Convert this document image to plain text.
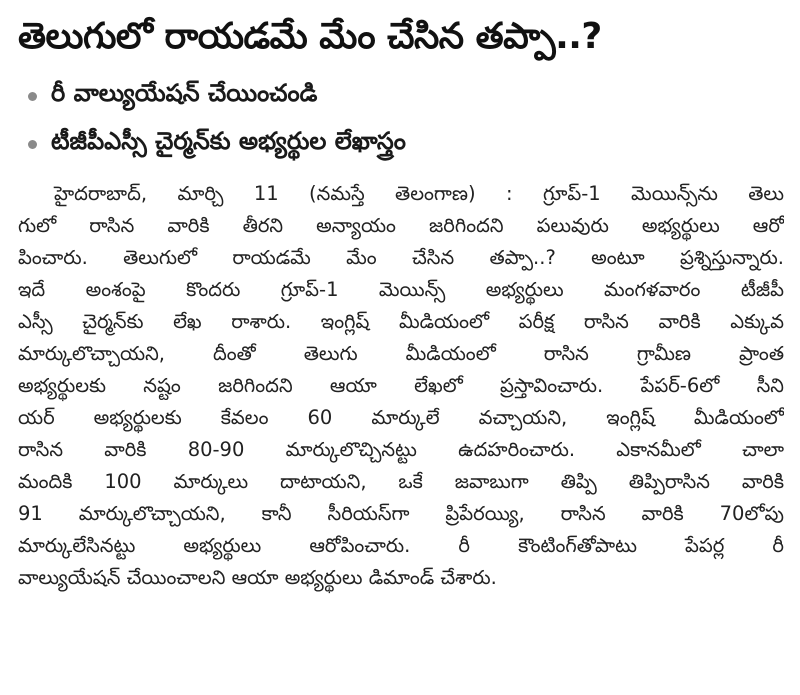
తెలుగులో రాయడమే మేం చేసిన తప్పా..?
రీ వాల్యుయేషన్ చేయించండి
టీజీపీఎస్సీ చైర్మన్‌కు అభ్యర్థుల లేఖాస్త్రం
హైదరాబాద్, మార్చి 11 (నమస్తే తెలంగాణ) : గ్రూప్-1 మెయిన్స్‌ను తెలు
గులో రాసిన వారికి తీరని అన్యాయం జరిగిందని పలువురు అభ్యర్థులు ఆరో
పించారు. తెలుగులో రాయడమే మేం చేసిన తప్పా..? అంటూ ప్రశ్నిస్తున్నారు.
ఇదే అంశంపై కొందరు గ్రూప్-1 మెయిన్స్ అభ్యర్థులు మంగళవారం టీజీపీ
ఎస్సీ చైర్మన్‌కు లేఖ రాశారు. ఇంగ్లిష్ మీడియంలో పరీక్ష రాసిన వారికి ఎక్కువ
మార్కులొచ్చాయని, దీంతో తెలుగు మీడియంలో రాసిన గ్రామీణ ప్రాంత
అభ్యర్థులకు నష్టం జరిగిందని ఆయా లేఖలో ప్రస్తావించారు. పేపర్-6లో సీని
యర్ అభ్యర్థులకు కేవలం 60 మార్కులే వచ్చాయని, ఇంగ్లిష్ మీడియంలో
రాసిన వారికి 80-90 మార్కులొచ్చినట్టు ఉదహరించారు. ఎకానమీలో చాలా
మందికి 100 మార్కులు దాటాయని, ఒకే జవాబుగా తిప్పి తిప్పిరాసిన వారికి
91 మార్కులొచ్చాయని, కానీ సీరియస్‌గా ప్రిపేరయ్యి, రాసిన వారికి 70లోపు
మార్కులేసినట్టు అభ్యర్థులు ఆరోపించారు. రీ కౌంటింగ్‌తోపాటు పేపర్ల రీ
వాల్యుయేషన్ చేయించాలని ఆయా అభ్యర్థులు డిమాండ్ చేశారు.
